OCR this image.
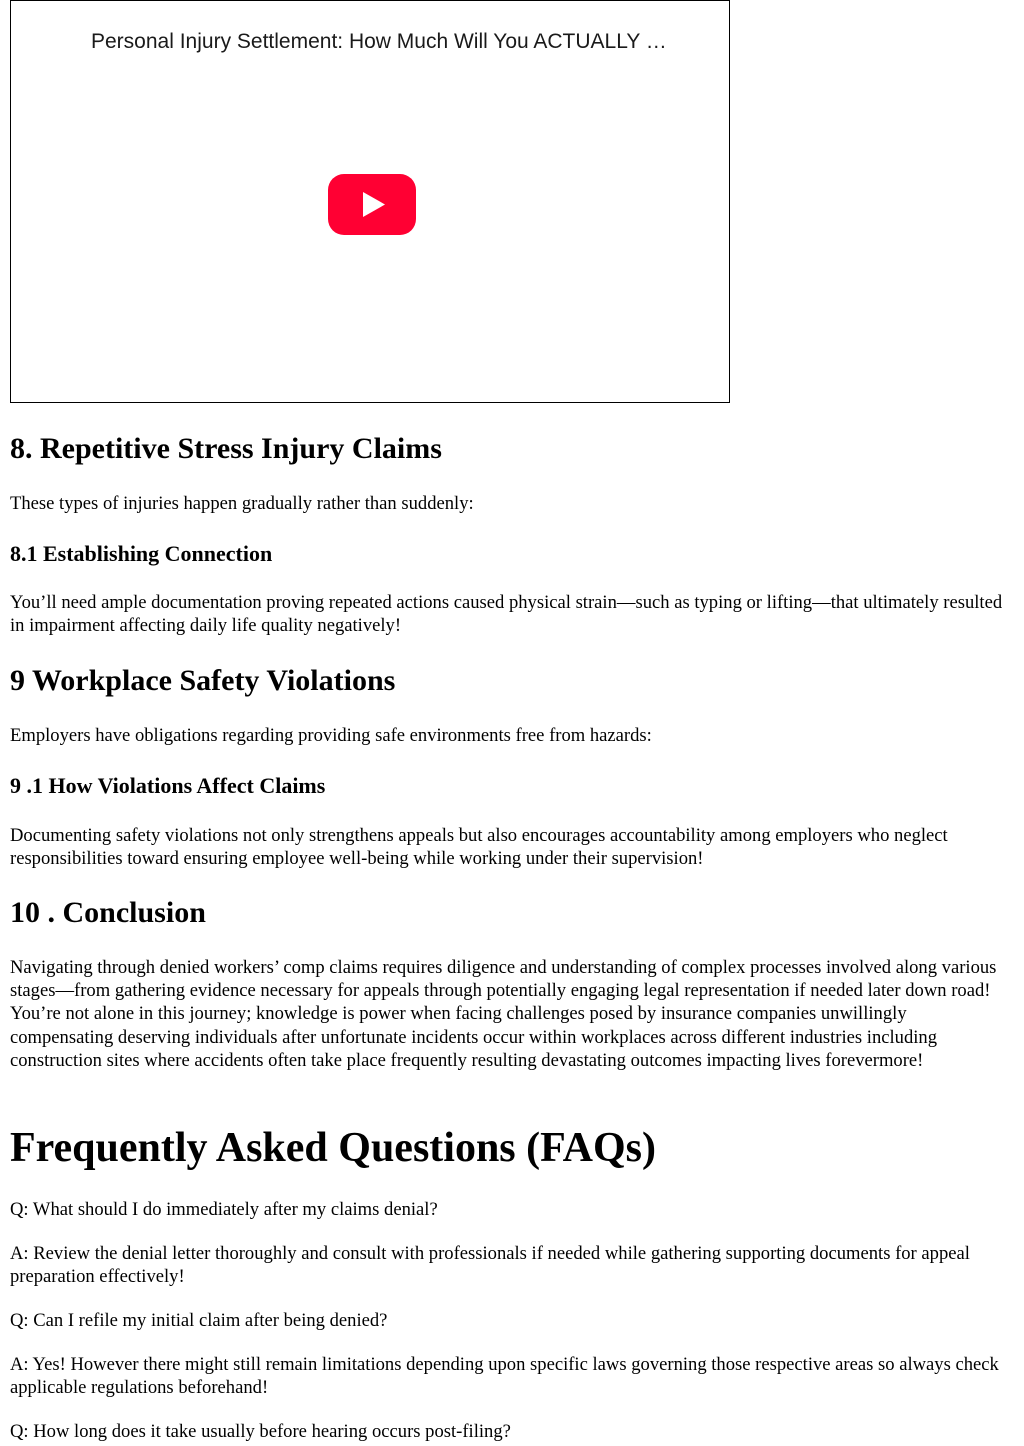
Personal Injury Settlement: How Much Will You ACTUALLY …
8. Repetitive Stress Injury Claims

These types of injuries happen gradually rather than suddenly:

8.1 Establishing Connection

You’ll need ample documentation proving repeated actions caused physical strain—such as typing or lifting—that ultimately resulted in impairment affecting daily life quality negatively!

9 Workplace Safety Violations

Employers have obligations regarding providing safe environments free from hazards:

9 .1 How Violations Affect Claims

Documenting safety violations not only strengthens appeals but also encourages accountability among employers who neglect responsibilities toward ensuring employee well-being while working under their supervision!

10 . Conclusion

Navigating through denied workers’ comp claims requires diligence and understanding of complex processes involved along various stages—from gathering evidence necessary for appeals through potentially engaging legal representation if needed later down road! You’re not alone in this journey; knowledge is power when facing challenges posed by insurance companies unwillingly compensating deserving individuals after unfortunate incidents occur within workplaces across different industries including construction sites where accidents often take place frequently resulting devastating outcomes impacting lives forevermore!

Frequently Asked Questions (FAQs)

Q: What should I do immediately after my claims denial?

A: Review the denial letter thoroughly and consult with professionals if needed while gathering supporting documents for appeal preparation effectively!

Q: Can I refile my initial claim after being denied?

A: Yes! However there might still remain limitations depending upon specific laws governing those respective areas so always check applicable regulations beforehand!

Q: How long does it take usually before hearing occurs post-filing?
